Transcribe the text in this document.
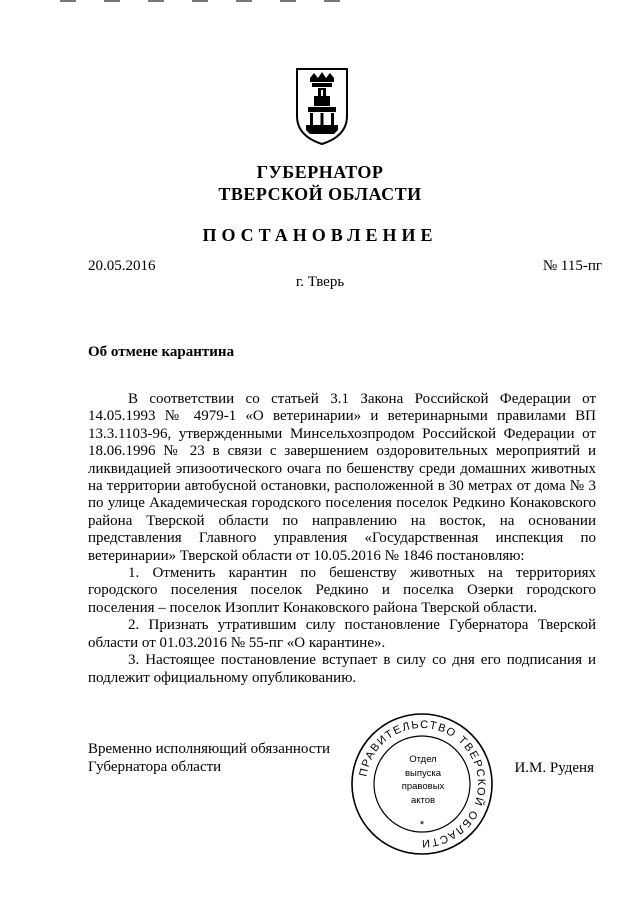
ГУБЕРНАТОР
ТВЕРСКОЙ ОБЛАСТИ
ПОСТАНОВЛЕНИЕ
20.05.2016	№ 115-пг
г. Тверь
Об отмене карантина

В соответствии со статьей 3.1 Закона Российской Федерации от 14.05.1993 № 4979-1 «О ветеринарии» и ветеринарными правилами ВП 13.3.1103-96, утвержденными Минсельхозпродом Российской Федерации от 18.06.1996 № 23 в связи с завершением оздоровительных мероприятий и ликвидацией эпизоотического очага по бешенству среди домашних животных на территории автобусной остановки, расположенной в 30 метрах от дома № 3 по улице Академическая городского поселения поселок Редкино Конаковского района Тверской области по направлению на восток, на основании представления Главного управления «Государственная инспекция по ветеринарии» Тверской области от 10.05.2016 № 1846 постановляю:

1. Отменить карантин по бешенству животных на территориях городского поселения поселок Редкино и поселка Озерки городского поселения – поселок Изоплит Конаковского района Тверской области.

2. Признать утратившим силу постановление Губернатора Тверской области от 01.03.2016 № 55-пг «О карантине».

3. Настоящее постановление вступает в силу со дня его подписания и подлежит официальному опубликованию.

Временно исполняющий обязанности
Губернатора области	ПРАВИТЕЛЬСТВО ТВЕРСКОЙ ОБЛАСТИ
*
Отдел
выпуска
правовых
актов
И.М. Руденя
